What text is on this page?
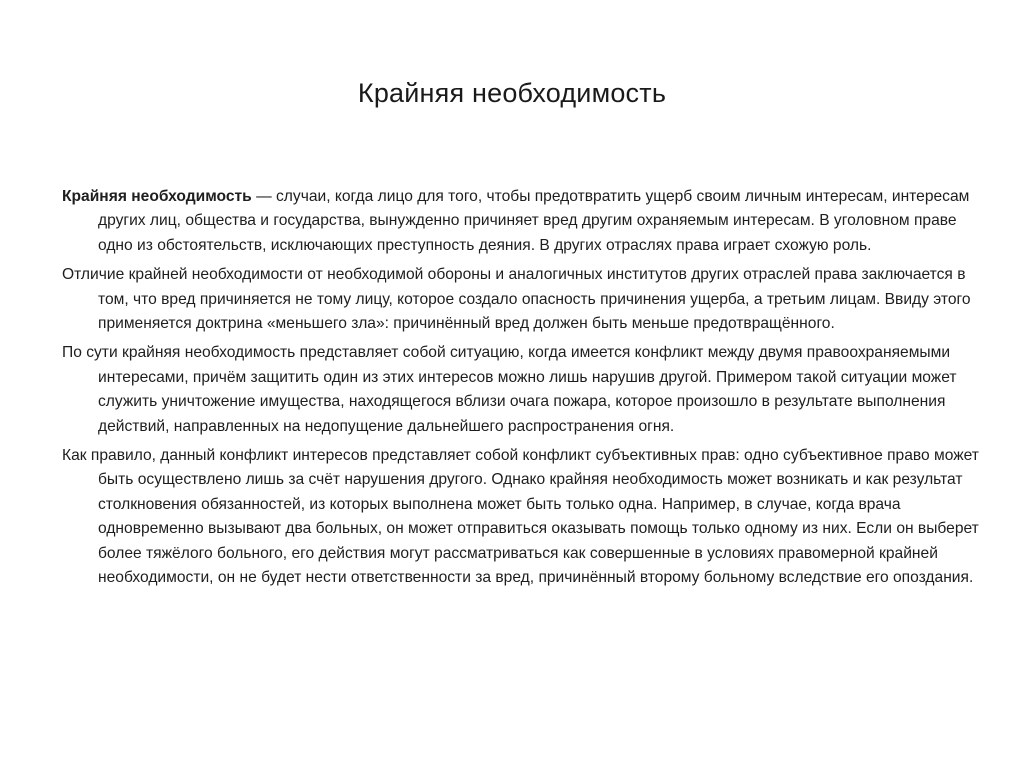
Крайняя необходимость

Крайняя необходимость — случаи, когда лицо для того, чтобы предотвратить ущерб своим личным интересам, интересам других лиц, общества и государства, вынужденно причиняет вред другим охраняемым интересам. В уголовном праве одно из обстоятельств, исключающих преступность деяния. В других отраслях права играет схожую роль.

Отличие крайней необходимости от необходимой обороны и аналогичных институтов других отраслей права заключается в том, что вред причиняется не тому лицу, которое создало опасность причинения ущерба, а третьим лицам. Ввиду этого применяется доктрина «меньшего зла»: причинённый вред должен быть меньше предотвращённого.

По сути крайняя необходимость представляет собой ситуацию, когда имеется конфликт между двумя правоохраняемыми интересами, причём защитить один из этих интересов можно лишь нарушив другой. Примером такой ситуации может служить уничтожение имущества, находящегося вблизи очага пожара, которое произошло в результате выполнения действий, направленных на недопущение дальнейшего распространения огня.

Как правило, данный конфликт интересов представляет собой конфликт субъективных прав: одно субъективное право может быть осуществлено лишь за счёт нарушения другого. Однако крайняя необходимость может возникать и как результат столкновения обязанностей, из которых выполнена может быть только одна. Например, в случае, когда врача одновременно вызывают два больных, он может отправиться оказывать помощь только одному из них. Если он выберет более тяжёлого больного, его действия могут рассматриваться как совершенные в условиях правомерной крайней необходимости, он не будет нести ответственности за вред, причинённый второму больному вследствие его опоздания.
